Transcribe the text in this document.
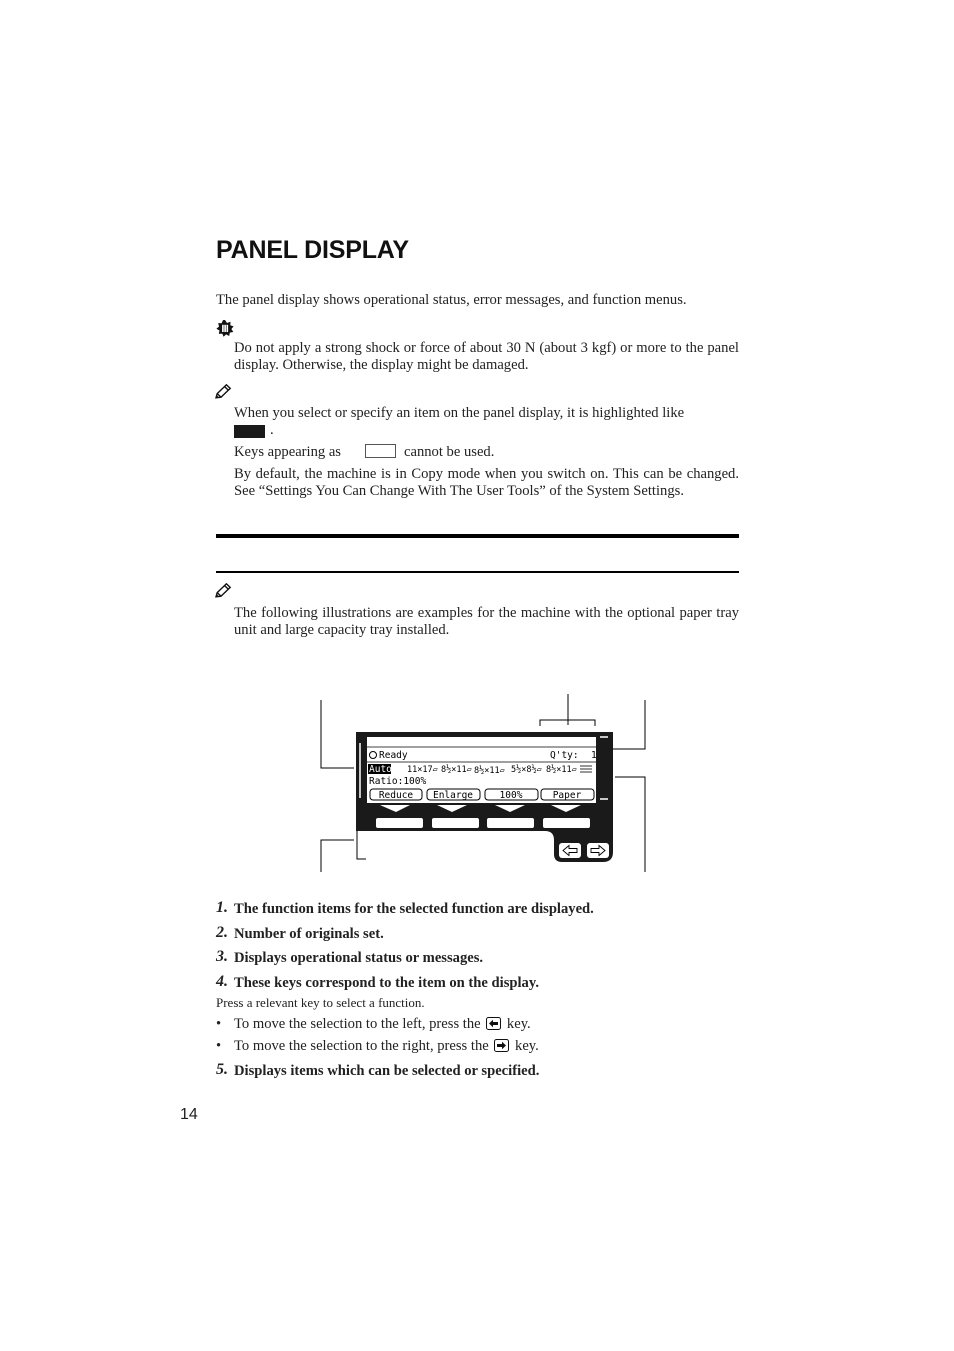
PANEL DISPLAY
The panel display shows operational status, error messages, and function menus.
Do not apply a strong shock or force of about 30 N (about 3 kgf) or more to the panel display. Otherwise, the display might be damaged.
When you select or specify an item on the panel display, it is highlighted like
.
Keys appearing as	cannot be used.
By default, the machine is in Copy mode when you switch on. This can be changed. See “Settings You Can Change With The User Tools” of the System Settings.
The following illustrations are examples for the machine with the optional paper tray unit and large capacity tray installed.
Ready	Q'ty: 1
Auto 11×17▱ 8½×11▱ 8½×11▱ 5½×8½▱ 8½×11▱
Ratio:100%
Reduce Enlarge	100%	Paper
1. The function items for the selected function are displayed.
2. Number of originals set.
3. Displays operational status or messages.
4. These keys correspond to the item on the display.
Press a relevant key to select a function.
• To move the selection to the left, press the key.
• To move the selection to the right, press the key.
5. Displays items which can be selected or specified.
14
